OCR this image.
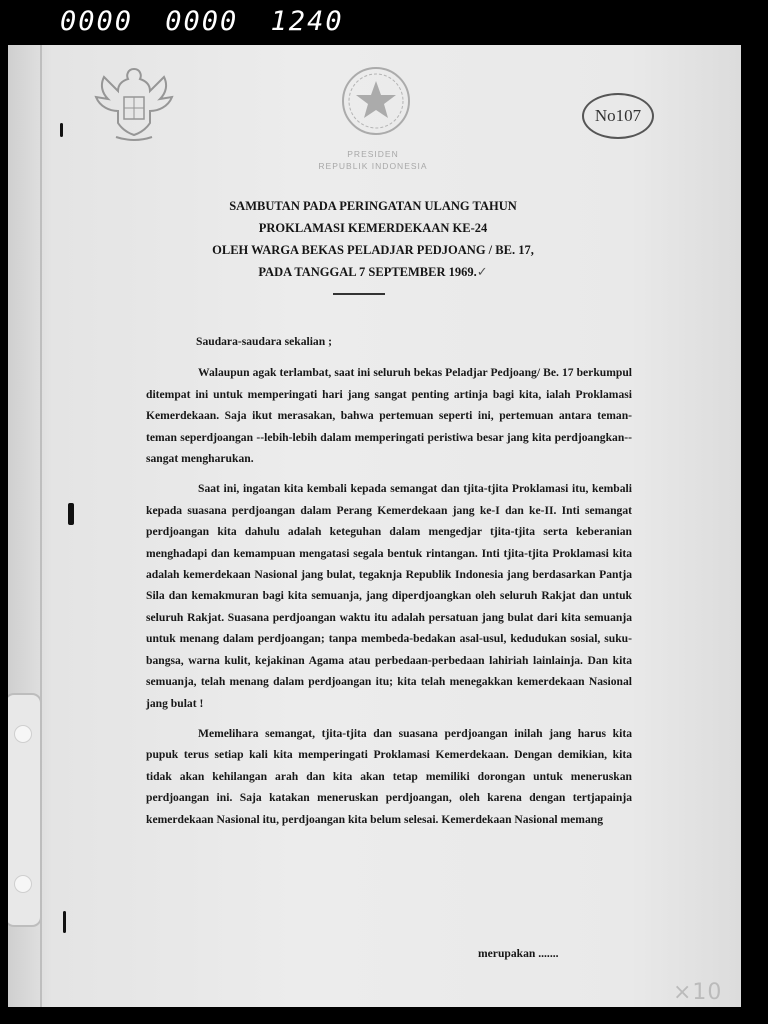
0000 0000 1240
PRESIDEN
REPUBLIK INDONESIA
No107
SAMBUTAN PADA PERINGATAN ULANG TAHUN
PROKLAMASI KEMERDEKAAN KE-24
OLEH WARGA BEKAS PELADJAR PEDJOANG / BE. 17,
PADA TANGGAL 7 SEPTEMBER 1969.✓

Saudara-saudara sekalian ;

Walaupun agak terlambat, saat ini seluruh bekas Peladjar Pedjoang/ Be. 17 berkumpul ditempat ini untuk memperingati hari jang sangat penting artinja bagi kita, ialah Proklamasi Kemerdekaan. Saja ikut merasakan, bahwa pertemuan seperti ini, pertemuan antara teman-teman seperdjoangan --lebih-lebih dalam memperingati peristiwa besar jang kita perdjoangkan-- sangat mengharukan.

Saat ini, ingatan kita kembali kepada semangat dan tjita-tjita Proklamasi itu, kembali kepada suasana perdjoangan dalam Perang Kemerdekaan jang ke-I dan ke-II. Inti semangat perdjoangan kita dahulu adalah keteguhan dalam mengedjar tjita-tjita serta keberanian menghadapi dan kemampuan mengatasi segala bentuk rintangan. Inti tjita-tjita Proklamasi kita adalah kemerdekaan Nasional jang bulat, tegaknja Republik Indonesia jang berdasarkan Pantja Sila dan kemakmuran bagi kita semuanja, jang diperdjoangkan oleh seluruh Rakjat dan untuk seluruh Rakjat. Suasana perdjoangan waktu itu adalah persatuan jang bulat dari kita semuanja untuk menang dalam perdjoangan; tanpa membeda-bedakan asal-usul, kedudukan sosial, suku-bangsa, warna kulit, kejakinan Agama atau perbedaan-perbedaan lahiriah lainlainja. Dan kita semuanja, telah menang dalam perdjoangan itu; kita telah menegakkan kemerdekaan Nasional jang bulat !

Memelihara semangat, tjita-tjita dan suasana perdjoangan inilah jang harus kita pupuk terus setiap kali kita memperingati Proklamasi Kemerdekaan. Dengan demikian, kita tidak akan kehilangan arah dan kita akan tetap memiliki dorongan untuk meneruskan perdjoangan ini. Saja katakan meneruskan perdjoangan, oleh karena dengan tertjapainja kemerdekaan Nasional itu, perdjoangan kita belum selesai. Kemerdekaan Nasional memang

merupakan .......
×10
